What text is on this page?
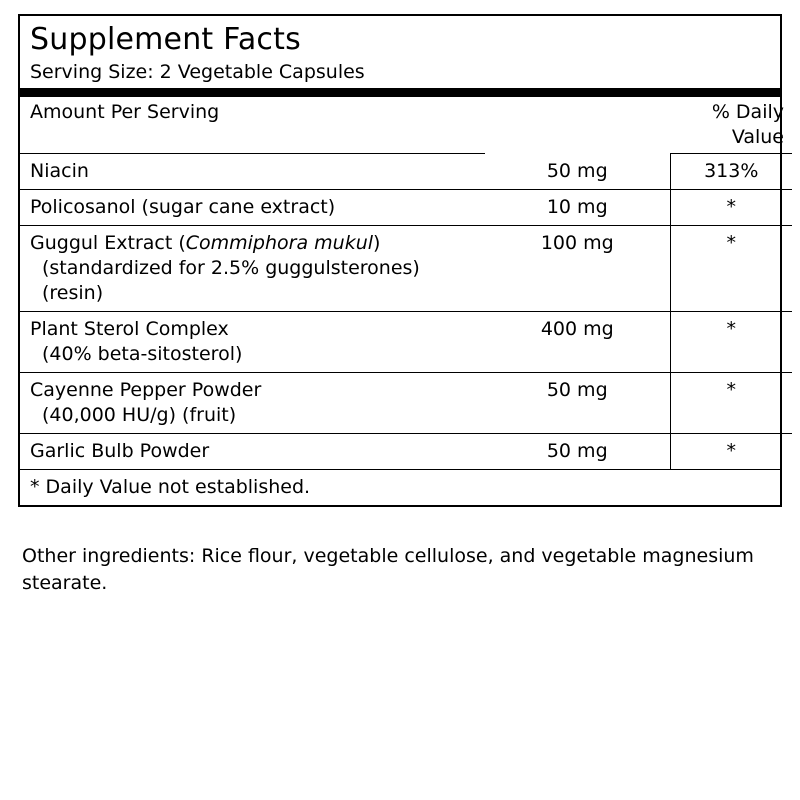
Supplement Facts
Serving Size: 2 Vegetable Capsules
Amount Per Serving		% Daily Value
Niacin	50 mg	313%
Policosanol (sugar cane extract)	10 mg	*
Guggul Extract (Commiphora mukul)
(standardized for 2.5% guggulsterones)
(resin)	100 mg	*
Plant Sterol Complex
(40% beta-sitosterol)	400 mg	*
Cayenne Pepper Powder
(40,000 HU/g) (fruit)	50 mg	*
Garlic Bulb Powder	50 mg	*
* Daily Value not established.
Other ingredients: Rice flour, vegetable cellulose, and vegetable magnesium stearate.
